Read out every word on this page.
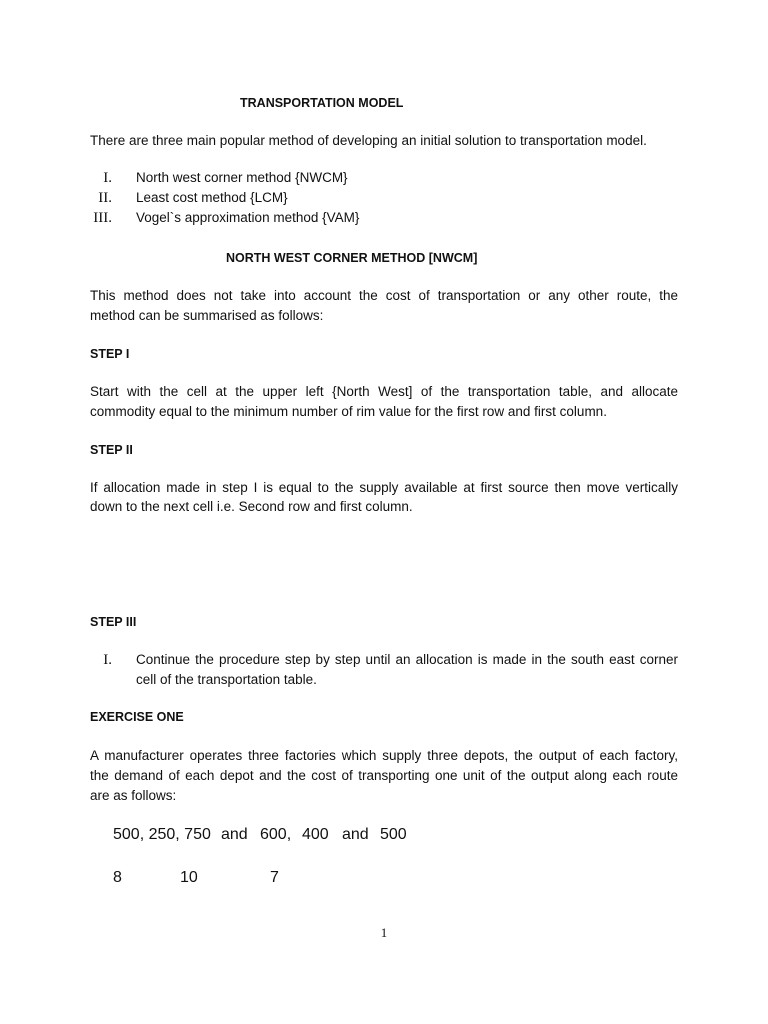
TRANSPORTATION MODEL
There are three main popular method of developing an initial solution to transportation model.
I. North west corner method {NWCM}
II. Least cost method {LCM}
III. Vogel`s approximation method {VAM}
NORTH WEST CORNER METHOD [NWCM]
This method does not take into account the cost of transportation or any other route, the
method can be summarised as follows:
STEP I
Start with the cell at the upper left {North West] of the transportation table, and allocate
commodity equal to the minimum number of rim value for the first row and first column.
STEP II
If allocation made in step I is equal to the supply available at first source then move vertically
down to the next cell i.e. Second row and first column.
STEP III
I. Continue the procedure step by step until an allocation is made in the south east corner
cell of the transportation table.
EXERCISE ONE
A manufacturer operates three factories which supply three depots, the output of each factory,
the demand of each depot and the cost of transporting one unit of the output along each route
are as follows:
500, 250, 750 and 600, 400 and 500
8	10	7
1
